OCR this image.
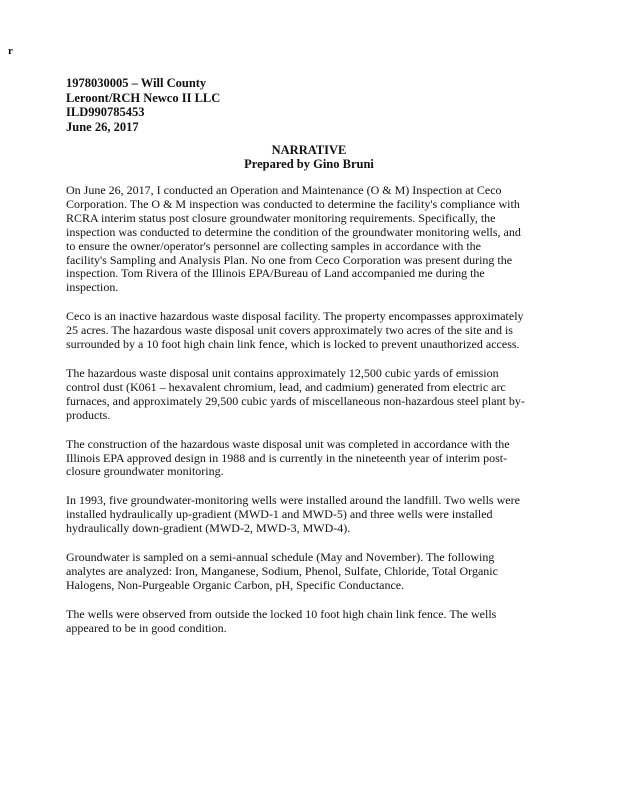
r
1978030005 – Will County
Leroont/RCH Newco II LLC
ILD990785453
June 26, 2017
NARRATIVE
Prepared by Gino Bruni
On June 26, 2017, I conducted an Operation and Maintenance (O & M) Inspection at Ceco
Corporation. The O & M inspection was conducted to determine the facility's compliance with
RCRA interim status post closure groundwater monitoring requirements. Specifically, the
inspection was conducted to determine the condition of the groundwater monitoring wells, and
to ensure the owner/operator's personnel are collecting samples in accordance with the
facility's Sampling and Analysis Plan. No one from Ceco Corporation was present during the
inspection. Tom Rivera of the Illinois EPA/Bureau of Land accompanied me during the
inspection.
Ceco is an inactive hazardous waste disposal facility. The property encompasses approximately
25 acres. The hazardous waste disposal unit covers approximately two acres of the site and is
surrounded by a 10 foot high chain link fence, which is locked to prevent unauthorized access.
The hazardous waste disposal unit contains approximately 12,500 cubic yards of emission
control dust (K061 – hexavalent chromium, lead, and cadmium) generated from electric arc
furnaces, and approximately 29,500 cubic yards of miscellaneous non-hazardous steel plant by-
products.
The construction of the hazardous waste disposal unit was completed in accordance with the
Illinois EPA approved design in 1988 and is currently in the nineteenth year of interim post-
closure groundwater monitoring.
In 1993, five groundwater-monitoring wells were installed around the landfill. Two wells were
installed hydraulically up-gradient (MWD-1 and MWD-5) and three wells were installed
hydraulically down-gradient (MWD-2, MWD-3, MWD-4).
Groundwater is sampled on a semi-annual schedule (May and November). The following
analytes are analyzed: Iron, Manganese, Sodium, Phenol, Sulfate, Chloride, Total Organic
Halogens, Non-Purgeable Organic Carbon, pH, Specific Conductance.
The wells were observed from outside the locked 10 foot high chain link fence. The wells
appeared to be in good condition.
